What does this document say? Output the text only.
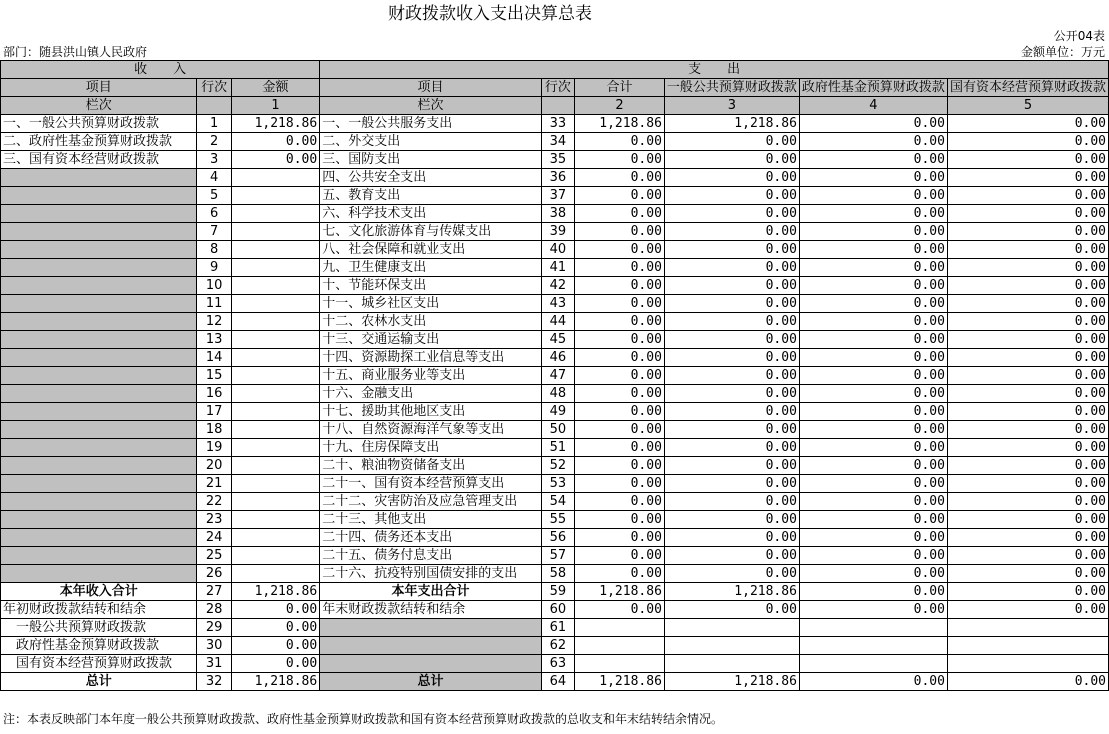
财政拨款收入支出决算总表
公开04表
部门：随县洪山镇人民政府	金额单位：万元
收　　入			支　　出					
项目	行次	金额	项目	行次	合计	一般公共预算财政拨款	政府性基金预算财政拨款	国有资本经营预算财政拨款
栏次		1	栏次		2	3	4	5
一、一般公共预算财政拨款	1	1,218.86	一、一般公共服务支出	33	1,218.86	1,218.86	0.00	0.00
二、政府性基金预算财政拨款	2	0.00	二、外交支出	34	0.00	0.00	0.00	0.00
三、国有资本经营财政拨款	3	0.00	三、国防支出	35	0.00	0.00	0.00	0.00
	4		四、公共安全支出	36	0.00	0.00	0.00	0.00
	5		五、教育支出	37	0.00	0.00	0.00	0.00
	6		六、科学技术支出	38	0.00	0.00	0.00	0.00
	7		七、文化旅游体育与传媒支出	39	0.00	0.00	0.00	0.00
	8		八、社会保障和就业支出	40	0.00	0.00	0.00	0.00
	9		九、卫生健康支出	41	0.00	0.00	0.00	0.00
	10		十、节能环保支出	42	0.00	0.00	0.00	0.00
	11		十一、城乡社区支出	43	0.00	0.00	0.00	0.00
	12		十二、农林水支出	44	0.00	0.00	0.00	0.00
	13		十三、交通运输支出	45	0.00	0.00	0.00	0.00
	14		十四、资源勘探工业信息等支出	46	0.00	0.00	0.00	0.00
	15		十五、商业服务业等支出	47	0.00	0.00	0.00	0.00
	16		十六、金融支出	48	0.00	0.00	0.00	0.00
	17		十七、援助其他地区支出	49	0.00	0.00	0.00	0.00
	18		十八、自然资源海洋气象等支出	50	0.00	0.00	0.00	0.00
	19		十九、住房保障支出	51	0.00	0.00	0.00	0.00
	20		二十、粮油物资储备支出	52	0.00	0.00	0.00	0.00
	21		二十一、国有资本经营预算支出	53	0.00	0.00	0.00	0.00
	22		二十二、灾害防治及应急管理支出	54	0.00	0.00	0.00	0.00
	23		二十三、其他支出	55	0.00	0.00	0.00	0.00
	24		二十四、债务还本支出	56	0.00	0.00	0.00	0.00
	25		二十五、债务付息支出	57	0.00	0.00	0.00	0.00
	26		二十六、抗疫特别国债安排的支出	58	0.00	0.00	0.00	0.00
本年收入合计	27	1,218.86	本年支出合计	59	1,218.86	1,218.86	0.00	0.00
年初财政拨款结转和结余	28	0.00	年末财政拨款结转和结余	60	0.00	0.00	0.00	0.00
　一般公共预算财政拨款	29	0.00		61				
　政府性基金预算财政拨款	30	0.00		62				
　国有资本经营预算财政拨款	31	0.00		63				
总计	32	1,218.86	总计	64	1,218.86	1,218.86	0.00	0.00
注：本表反映部门本年度一般公共预算财政拨款、政府性基金预算财政拨款和国有资本经营预算财政拨款的总收支和年末结转结余情况。
